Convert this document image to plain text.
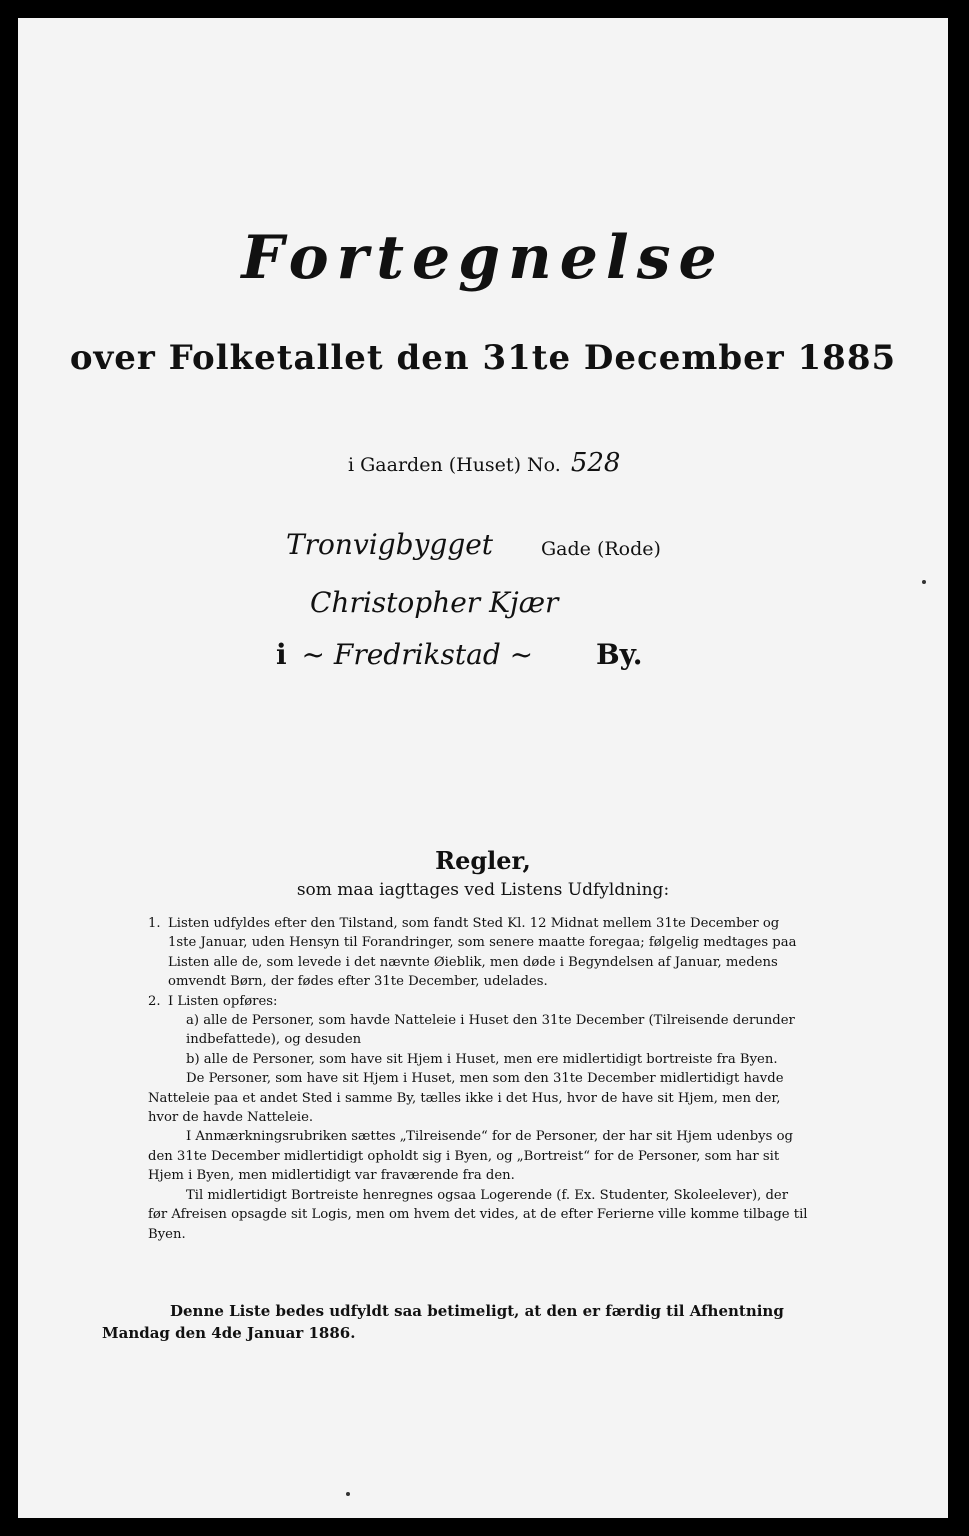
Fortegnelse
over Folketallet den 31te December 1885
i Gaarden (Huset) No. 528
Tronvigbygget	Gade (Rode)
Christopher Kjær
i ~ Fredrikstad ~ By.
Regler,
som maa iagttages ved Listens Udfyldning:
1. Listen udfyldes efter den Tilstand, som fandt Sted Kl. 12 Midnat mellem 31te December og 1ste Januar, uden Hensyn til Forandringer, som senere maatte foregaa; følgelig medtages paa Listen alle de, som levede i det nævnte Øieblik, men døde i Begyndelsen af Januar, medens omvendt Børn, der fødes efter 31te December, udelades.
2. I Listen opføres:
a) alle de Personer, som havde Natteleie i Huset den 31te December (Tilreisende derunder indbefattede), og desuden
b) alle de Personer, som have sit Hjem i Huset, men ere midlertidigt bortreiste fra Byen.
De Personer, som have sit Hjem i Huset, men som den 31te December midlertidigt havde Natteleie paa et andet Sted i samme By, tælles ikke i det Hus, hvor de have sit Hjem, men der, hvor de havde Natteleie.
I Anmærkningsrubriken sættes „Tilreisende“ for de Personer, der har sit Hjem udenbys og den 31te December midlertidigt opholdt sig i Byen, og „Bortreist“ for de Personer, som har sit Hjem i Byen, men midlertidigt var fraværende fra den.
Til midlertidigt Bortreiste henregnes ogsaa Logerende (f. Ex. Studenter, Skoleelever), der før Afreisen opsagde sit Logis, men om hvem det vides, at de efter Ferierne ville komme tilbage til Byen.
Denne Liste bedes udfyldt saa betimeligt, at den er færdig til Afhentning
Mandag den 4de Januar 1886.
